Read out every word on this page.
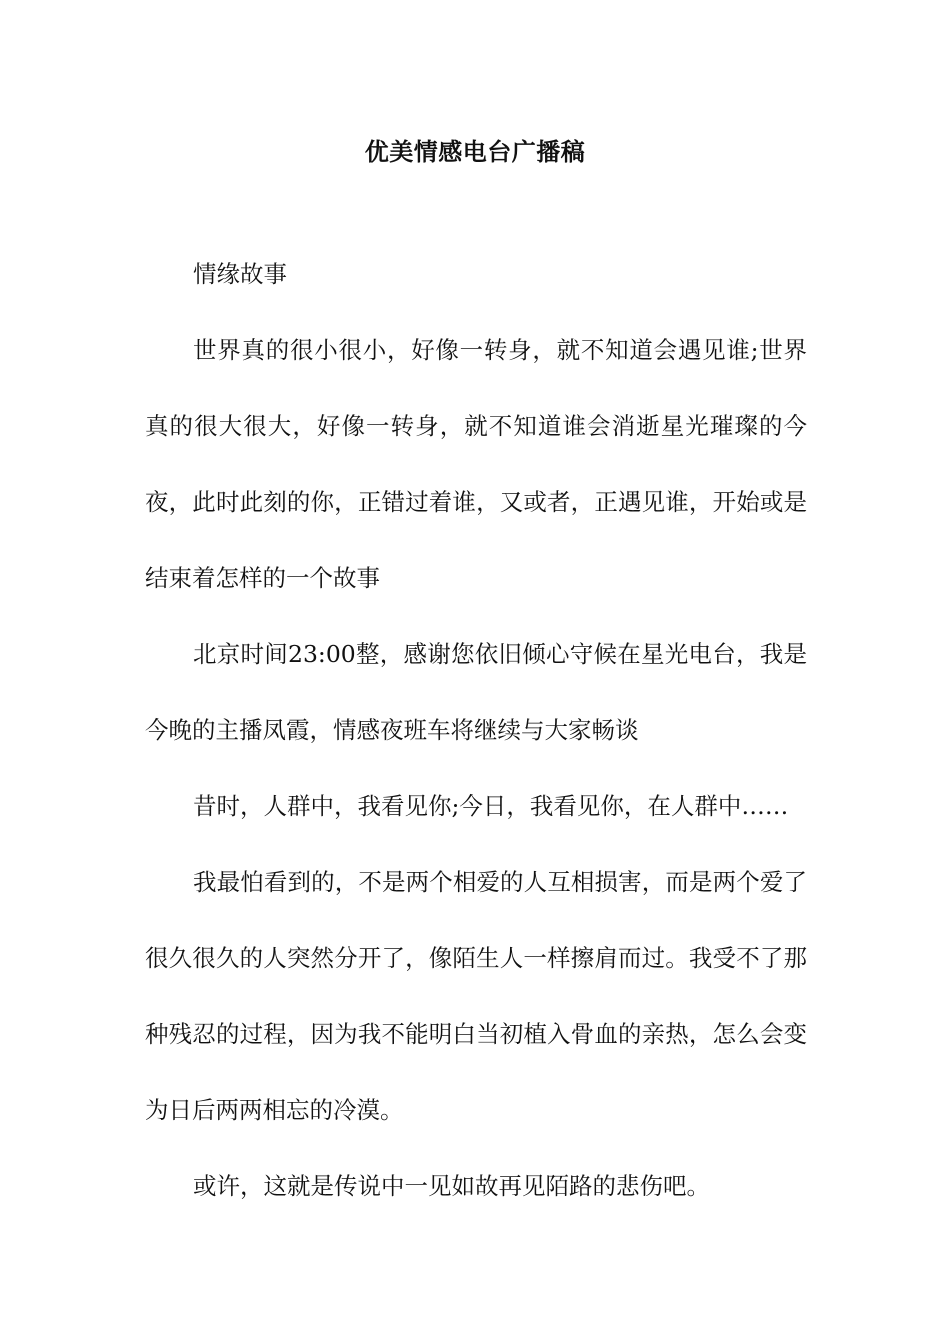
优美情感电台广播稿

情缘故事

世界真的很小很小，好像一转身，就不知道会遇见谁;世界真的很大很大，好像一转身，就不知道谁会消逝星光璀璨的今夜，此时此刻的你，正错过着谁，又或者，正遇见谁，开始或是结束着怎样的一个故事

北京时间23:00整，感谢您依旧倾心守候在星光电台，我是今晚的主播凤霞，情感夜班车将继续与大家畅谈

昔时，人群中，我看见你;今日，我看见你，在人群中……

我最怕看到的，不是两个相爱的人互相损害，而是两个爱了很久很久的人突然分开了，像陌生人一样擦肩而过。我受不了那种残忍的过程，因为我不能明白当初植入骨血的亲热，怎么会变为日后两两相忘的冷漠。

或许，这就是传说中一见如故再见陌路的悲伤吧。
